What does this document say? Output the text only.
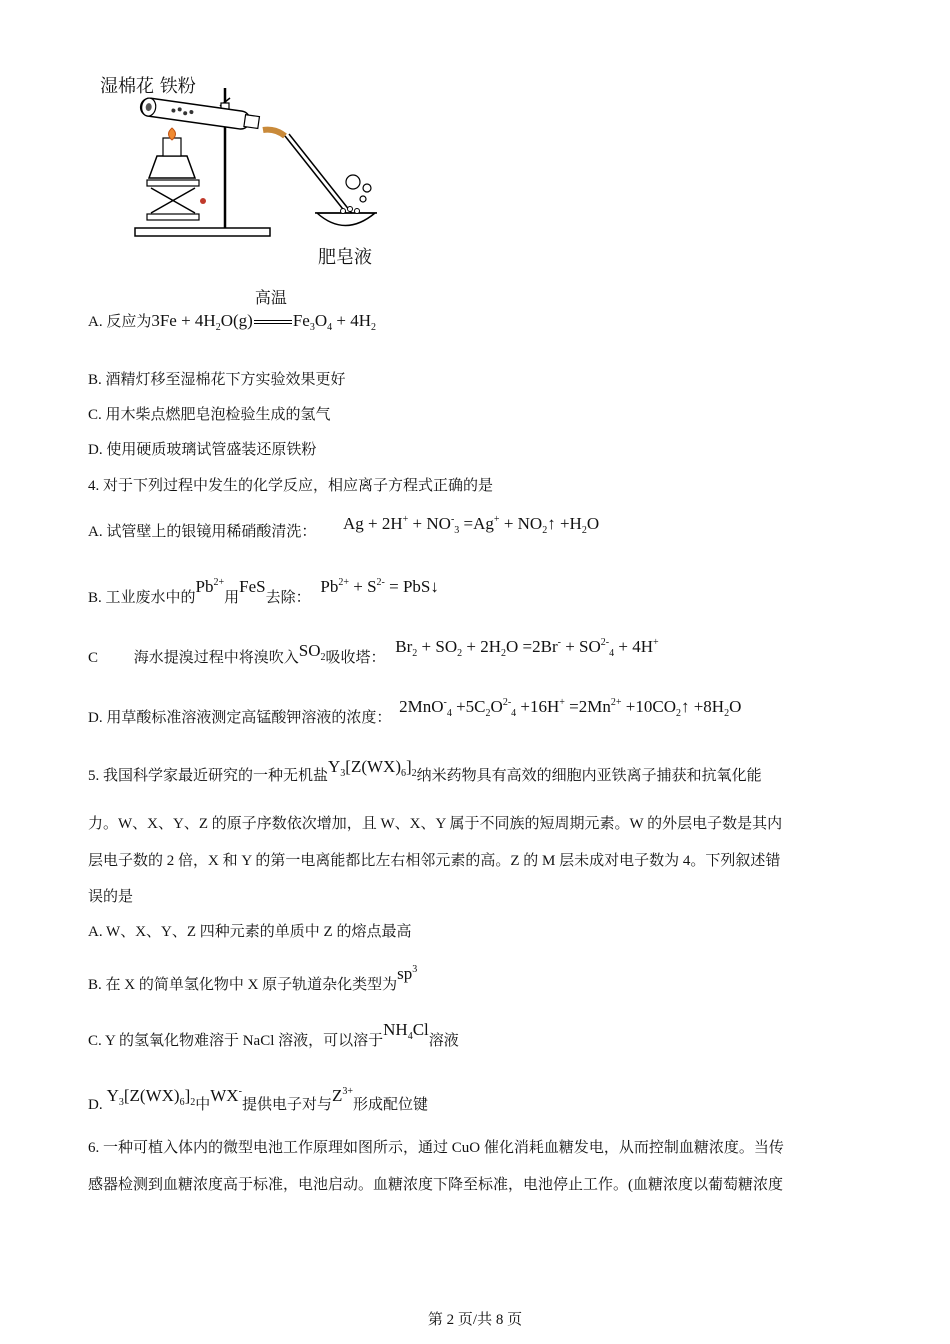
湿棉花 铁粉
肥皂液
A. 反应为$3Fe + 4H_2O(g)$
高温
$Fe_3O_4 + 4H_2$
B. 酒精灯移至湿棉花下方实验效果更好
C. 用木柴点燃肥皂泡检验生成的氢气
D. 使用硬质玻璃试管盛装还原铁粉
4. 对于下列过程中发生的化学反应，相应离子方程式正确的是
A. 试管壁上的银镜用稀硝酸清洗： $Ag + 2H^+ + NO^-_3 =Ag^+$ + $NO_2↑ +H_2O$
B. 工业废水中的$Pb^{2+}$用FeS去除： $Pb^{2+} + S^{2-}$ = PbS↓
C 海水提溴过程中将溴吹入$SO_2$吸收塔： $Br_2 + SO_2 + 2H_2O =2Br^- + SO^{2-}_4 + 4H^+$
D. 用草酸标准溶液测定高锰酸钾溶液的浓度： $2MnO^-_4 +5C_2O^{2-}_4 +16H^+ =2Mn^{2+}$ $+10CO_2↑ +8H_2O$
5. 我国科学家最近研究的一种无机盐$Y_3[Z(WX)_6]_2$纳米药物具有高效的细胞内亚铁离子捕获和抗氧化能
力。W、X、Y、Z 的原子序数依次增加，且 W、X、Y 属于不同族的短周期元素。W 的外层电子数是其内
层电子数的 2 倍，X 和 Y 的第一电离能都比左右相邻元素的高。Z 的 M 层未成对电子数为 4。下列叙述错
误的是
A. W、X、Y、Z 四种元素的单质中 Z 的熔点最高
B. 在 X 的简单氢化物中 X 原子轨道杂化类型为$sp^3$
C. Y 的氢氧化物难溶于 NaCl 溶液，可以溶于$NH_4Cl$溶液
D. $Y_3[Z(WX)_6]_2$中WX-提供电子对与$Z^{3+}$形成配位键
6. 一种可植入体内的微型电池工作原理如图所示，通过 CuO 催化消耗血糖发电，从而控制血糖浓度。当传
感器检测到血糖浓度高于标准，电池启动。血糖浓度下降至标准，电池停止工作。(血糖浓度以葡萄糖浓度
第 2 页/共 8 页
